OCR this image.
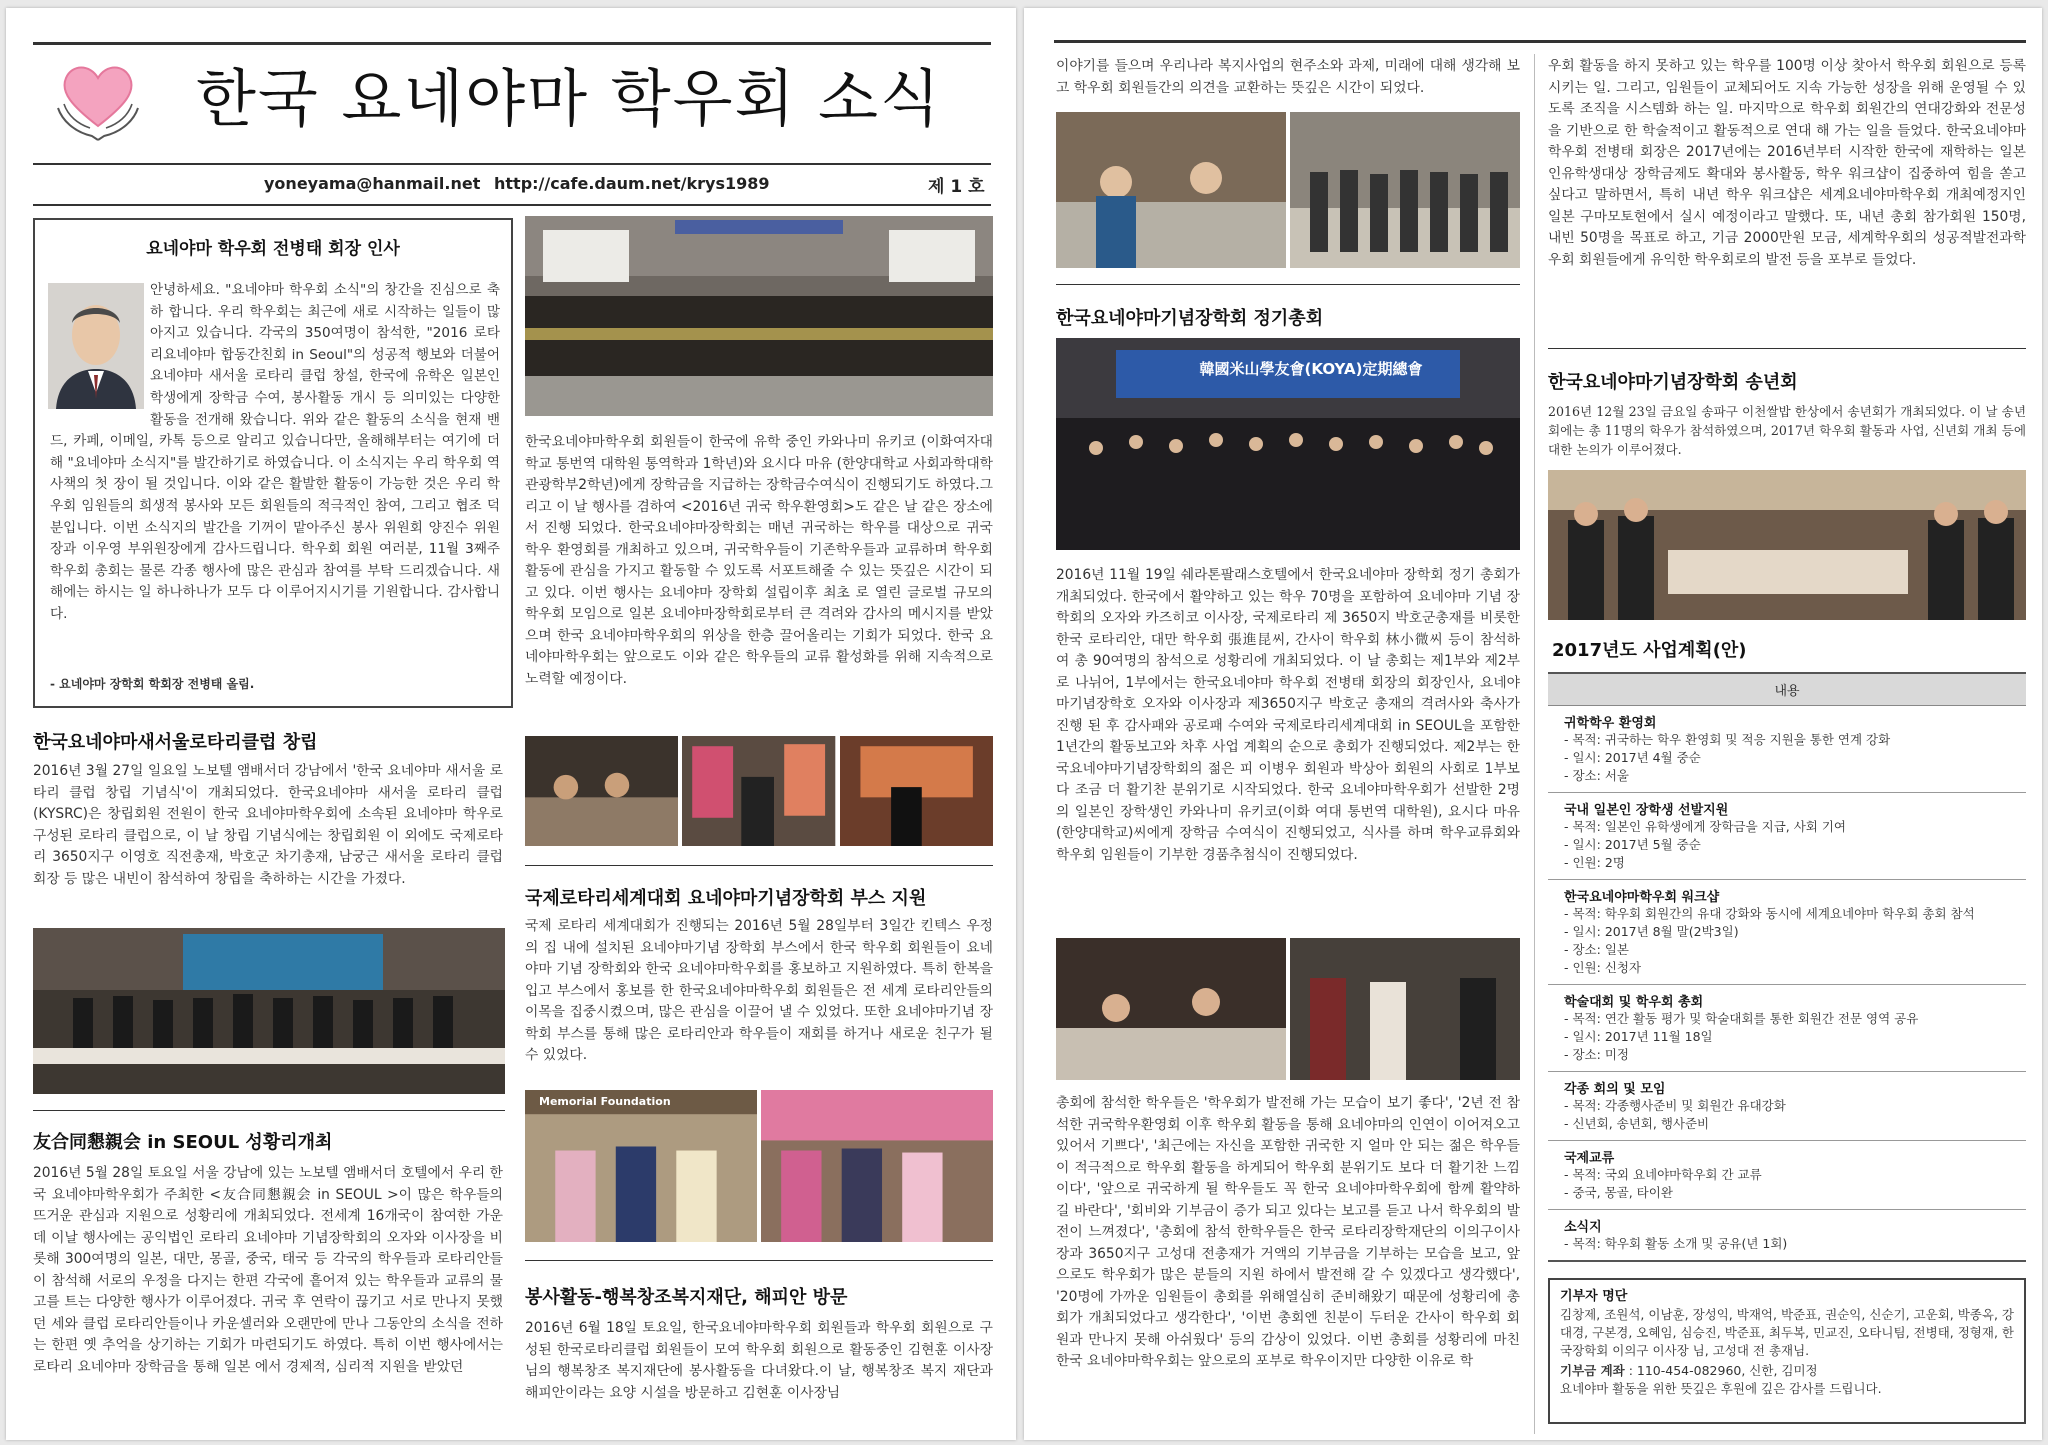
한국 요네야마 학우회 소식
yoneyama@hanmail.net http://cafe.daum.net/krys1989	제 1 호
요네야마 학우회 전병태 회장 인사
안녕하세요. "요네야마 학우회 소식"의 창간을 진심으로 축하 합니다. 우리 학우회는 최근에 새로 시작하는 일들이 많아지고 있습니다. 각국의 350여명이 참석한, "2016 로타리요네야마 합동간친회 in Seoul"의 성공적 행보와 더불어 요네야마 새서울 로타리 클럽 창설, 한국에 유학온 일본인 학생에게 장학금 수여, 봉사활동 개시 등 의미있는 다양한 활동을 전개해 왔습니다. 위와 같은 활동의 소식을 현재 밴드, 카페, 이메일, 카톡 등으로 알리고 있습니다만, 올해해부터는 여기에 더해 "요네야마 소식지"를 발간하기로 하였습니다. 이 소식지는 우리 학우회 역사책의 첫 장이 될 것입니다. 이와 같은 활발한 활동이 가능한 것은 우리 학우회 임원들의 희생적 봉사와 모든 회원들의 적극적인 참여, 그리고 협조 덕분입니다. 이번 소식지의 발간을 기꺼이 맡아주신 봉사 위원회 양진수 위원장과 이우영 부위원장에게 감사드립니다. 학우회 회원 여러분, 11월 3째주 학우회 총회는 물론 각종 행사에 많은 관심과 참여를 부탁 드리겠습니다. 새해에는 하시는 일 하나하나가 모두 다 이루어지시기를 기원합니다. 감사합니다.
- 요네야마 장학회 학회장 전병태 올림.
한국요네야마새서울로타리클럽 창립

2016년 3월 27일 일요일 노보텔 앰배서더 강남에서 '한국 요네야마 새서울 로타리 클럽 창립 기념식'이 개최되었다. 한국요네야마 새서울 로타리 클럽(KYSRC)은 창립회원 전원이 한국 요네야마학우회에 소속된 요네야마 학우로 구성된 로타리 클럽으로, 이 날 창립 기념식에는 창립회원 이 외에도 국제로타리 3650지구 이영호 직전총재, 박호군 차기총재, 남궁근 새서울 로타리 클럽 회장 등 많은 내빈이 참석하여 창립을 축하하는 시간을 가졌다.

友合同懇親会 in SEOUL 성황리개최

2016년 5월 28일 토요일 서울 강남에 있는 노보텔 앰배서더 호텔에서 우리 한국 요네야마학우회가 주최한 <友合同懇親会 in SEOUL >이 많은 학우들의 뜨거운 관심과 지원으로 성황리에 개최되었다. 전세계 16개국이 참여한 가운데 이날 행사에는 공익법인 로타리 요네야마 기념장학회의 오자와 이사장을 비롯해 300여명의 일본, 대만, 몽골, 중국, 태국 등 각국의 학우들과 로타리안들이 참석해 서로의 우정을 다지는 한편 각국에 흩어져 있는 학우들과 교류의 물고를 트는 다양한 행사가 이루어졌다. 귀국 후 연락이 끊기고 서로 만나지 못했던 세와 클럽 로타리안들이나 카운셀러와 오랜만에 만나 그동안의 소식을 전하는 한편 옛 추억을 상기하는 기회가 마련되기도 하였다. 특히 이번 행사에서는 로타리 요네야마 장학금을 통해 일본 에서 경제적, 심리적 지원을 받았던

한국요네야마학우회 회원들이 한국에 유학 중인 카와나미 유키코 (이화여자대학교 통번역 대학원 통역학과 1학년)와 요시다 마유 (한양대학교 사회과학대학 관광학부2학년)에게 장학금을 지급하는 장학금수여식이 진행되기도 하였다.그리고 이 날 행사를 겸하여 <2016년 귀국 학우환영회>도 같은 날 같은 장소에서 진행 되었다. 한국요네야마장학회는 매년 귀국하는 학우를 대상으로 귀국 학우 환영회를 개최하고 있으며, 귀국학우들이 기존학우들과 교류하며 학우회 활동에 관심을 가지고 활동할 수 있도록 서포트해줄 수 있는 뜻깊은 시간이 되고 있다. 이번 행사는 요네야마 장학회 설립이후 최초 로 열린 글로벌 규모의 학우회 모임으로 일본 요네야마장학회로부터 큰 격려와 감사의 메시지를 받았으며 한국 요네야마학우회의 위상을 한층 끌어올리는 기회가 되었다. 한국 요네야마학우회는 앞으로도 이와 같은 학우들의 교류 활성화를 위해 지속적으로 노력할 예정이다.

국제로타리세계대회 요네야마기념장학회 부스 지원

국제 로타리 세계대회가 진행되는 2016년 5월 28일부터 3일간 킨텍스 우정의 집 내에 설치된 요네야마기념 장학회 부스에서 한국 학우회 회원들이 요네야마 기념 장학회와 한국 요네야마학우회를 홍보하고 지원하였다. 특히 한복을 입고 부스에서 홍보를 한 한국요네야마학우회 회원들은 전 세계 로타리안들의 이목을 집중시켰으며, 많은 관심을 이끌어 낼 수 있었다. 또한 요네야마기념 장학회 부스를 통해 많은 로타리안과 학우들이 재회를 하거나 새로운 친구가 될 수 있었다.

Memorial Foundation
봉사활동-행복창조복지재단, 해피안 방문

2016년 6월 18일 토요일, 한국요네야마학우회 회원들과 학우회 회원으로 구성된 한국로타리클럽 회원들이 모여 학우회 회원으로 활동중인 김현훈 이사장님의 행복창조 복지재단에 봉사활동을 다녀왔다.이 날, 행복창조 복지 재단과 해피안이라는 요양 시설을 방문하고 김현훈 이사장님

이야기를 들으며 우리나라 복지사업의 현주소와 과제, 미래에 대해 생각해 보고 학우회 회원들간의 의견을 교환하는 뜻깊은 시간이 되었다.

한국요네야마기념장학회 정기총회
韓國米山學友會(KOYA)定期總會

2016년 11월 19일 쉐라톤팔래스호텔에서 한국요네야마 장학회 정기 총회가 개최되었다. 한국에서 활약하고 있는 학우 70명을 포함하여 요네야마 기념 장학회의 오자와 카즈히코 이사장, 국제로타리 제 3650지 박호군총재를 비롯한 한국 로타리안, 대만 학우회 張進昆씨, 간사이 학우회 林小微씨 등이 참석하여 총 90여명의 참석으로 성황리에 개최되었다. 이 날 총회는 제1부와 제2부로 나뉘어, 1부에서는 한국요네야마 학우회 전병태 회장의 회장인사, 요네야마기념장학호 오자와 이사장과 제3650지구 박호군 총재의 격려사와 축사가 진행 된 후 감사패와 공로패 수여와 국제로타리세계대회 in SEOUL을 포함한 1년간의 활동보고와 차후 사업 계획의 순으로 총회가 진행되었다. 제2부는 한국요네야마기념장학회의 젊은 피 이병우 회원과 박상아 회원의 사회로 1부보다 조금 더 활기찬 분위기로 시작되었다. 한국 요네야마학우회가 선발한 2명의 일본인 장학생인 카와나미 유키코(이화 여대 통번역 대학원), 요시다 마유(한양대학교)씨에게 장학금 수여식이 진행되었고, 식사를 하며 학우교류회와 학우회 임원들이 기부한 경품추첨식이 진행되었다.

총회에 참석한 학우들은 '학우회가 발전해 가는 모습이 보기 좋다', '2년 전 참석한 귀국학우환영회 이후 학우회 활동을 통해 요네야마의 인연이 이어져오고 있어서 기쁘다', '최근에는 자신을 포함한 귀국한 지 얼마 안 되는 젊은 학우들이 적극적으로 학우회 활동을 하게되어 학우회 분위기도 보다 더 활기찬 느낌이다', '앞으로 귀국하게 될 학우들도 꼭 한국 요네야마학우회에 함께 활약하길 바란다', '회비와 기부금이 증가 되고 있다는 보고를 듣고 나서 학우회의 발전이 느껴졌다', '총회에 참석 한학우들은 한국 로타리장학재단의 이의구이사장과 3650지구 고성대 전총재가 거액의 기부금을 기부하는 모습을 보고, 앞으로도 학우회가 많은 분들의 지원 하에서 발전해 갈 수 있겠다고 생각했다', '20명에 가까운 임원들이 총회를 위해열심히 준비해왔기 때문에 성황리에 총회가 개최되었다고 생각한다', '이번 총회엔 친분이 두터운 간사이 학우회 회원과 만나지 못해 아쉬웠다' 등의 감상이 있었다. 이번 총회를 성황리에 마친 한국 요네야마학우회는 앞으로의 포부로 학우이지만 다양한 이유로 학

우회 활동을 하지 못하고 있는 학우를 100명 이상 찾아서 학우회 회원으로 등록시키는 일. 그리고, 임원들이 교체되어도 지속 가능한 성장을 위해 운영될 수 있도록 조직을 시스템화 하는 일. 마지막으로 학우회 회원간의 연대강화와 전문성을 기반으로 한 학술적이고 활동적으로 연대 해 가는 일을 들었다. 한국요네야마학우회 전병태 회장은 2017년에는 2016년부터 시작한 한국에 재학하는 일본인유학생대상 장학금제도 확대와 봉사활동, 학우 워크샵이 집중하여 힘을 쏟고 싶다고 말하면서, 특히 내년 학우 워크샵은 세계요네야마학우회 개최예정지인 일본 구마모토현에서 실시 예정이라고 말했다. 또, 내년 총회 참가회원 150명, 내빈 50명을 목표로 하고, 기금 2000만원 모금, 세계학우회의 성공적발전과학우회 회원들에게 유익한 학우회로의 발전 등을 포부로 들었다.

한국요네야마기념장학회 송년회

2016년 12월 23일 금요일 송파구 이천쌀밥 한상에서 송년회가 개최되었다. 이 날 송년회에는 총 11명의 학우가 참석하였으며, 2017년 학우회 활동과 사업, 신년회 개최 등에 대한 논의가 이루어졌다.

2017년도 사업계획(안)
내용
귀학학우 환영회
- 목적: 귀국하는 학우 환영회 및 적응 지원을 통한 연계 강화
- 일시: 2017년 4월 중순
- 장소: 서울
국내 일본인 장학생 선발지원
- 목적: 일본인 유학생에게 장학금을 지급, 사회 기여
- 일시: 2017년 5월 중순
- 인원: 2명
한국요네야마학우회 워크샵
- 목적: 학우회 회원간의 유대 강화와 동시에 세계요네야마 학우회 총회 참석
- 일시: 2017년 8월 말(2박3일)
- 장소: 일본
- 인원: 신청자
학술대회 및 학우회 총회
- 목적: 연간 활동 평가 및 학술대회를 통한 회원간 전문 영역 공유
- 일시: 2017년 11월 18일
- 장소: 미정
각종 회의 및 모임
- 목적: 각종행사준비 및 회원간 유대강화
- 신년회, 송년회, 행사준비
국제교류
- 목적: 국외 요네야마학우회 간 교류
- 중국, 몽골, 타이완
소식지
- 목적: 학우회 활동 소개 및 공유(년 1회)
기부자 명단
김창제, 조원석, 이남훈, 장성익, 박재억, 박준표, 권순익, 신순기, 고운회, 박종옥, 강대경, 구본경, 오혜임, 심승진, 박준표, 최두복, 민교진, 오타니팀, 전병태, 정형재, 한국장학회 이의구 이사장 님, 고성대 전 총재님.
기부금 계좌 : 110-454-082960, 신한, 김미정
요네야마 활동을 위한 뜻깊은 후원에 깊은 감사를 드립니다.
